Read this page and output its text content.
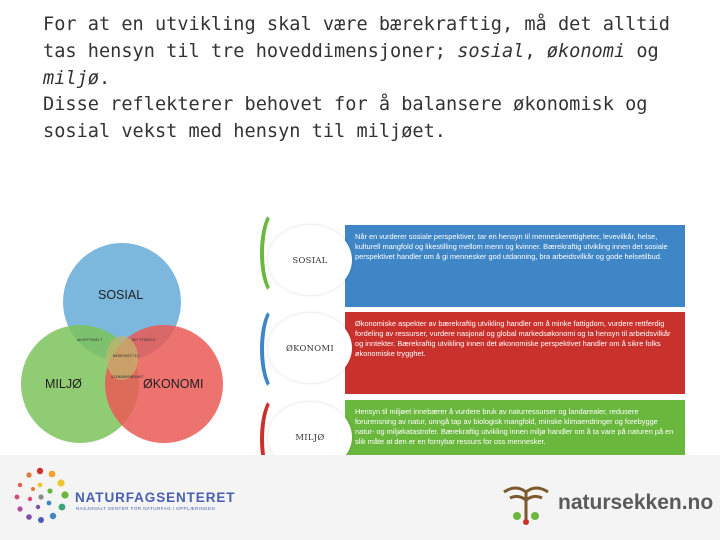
For at en utvikling skal være bærekraftig, må det alltid tas hensyn til tre hoveddimensjoner; sosial, økonomi og miljø.

Disse reflekterer behovet for å balansere økonomisk og sosial vekst med hensyn til miljøet.

SOSIAL
MILJØ	ØKONOMI
AKSEPTABELT	RETTFERDIG
BÆREKRAFTIG
GJENNOMFØRBART
Når en vurderer sosiale perspektiver, tar en hensyn til menneskerettigheter, levevilkår, helse, kulturell mangfold og likestilling mellom menn og kvinner. Bærekraftig utvikling innen det sosiale perspektivet handler om å gi mennesker god utdanning, bra arbeidsvilkår og gode helsetilbud.
Økonomiske aspekter av bærekraftig utvikling handler om å minke fattigdom, vurdere rettferdig fordeling av ressurser, vurdere nasjonal og global markedsøkonomi og ta hensyn til arbeidsvilkår og inntekter. Bærekraftig utvikling innen det økonomiske perspektivet handler om å sikre folks økonomiske trygghet.
Hensyn til miljøet innebærer å vurdere bruk av naturressurser og landarealer, redusere forurensning av natur, unngå tap av biologisk mangfold, minske klimaendringer og forebygge natur- og miljøkatastrofer. Bærekraftig utvikling innen miljø handler om å ta vare på naturen på en slik måte at den er en fornybar ressurs for oss mennesker.
SOSIAL
ØKONOMI
MILJØ
NATURFAGSENTERET
NASJONALT SENTER FOR NATURFAG I OPPLÆRINGEN	natursekken.no
